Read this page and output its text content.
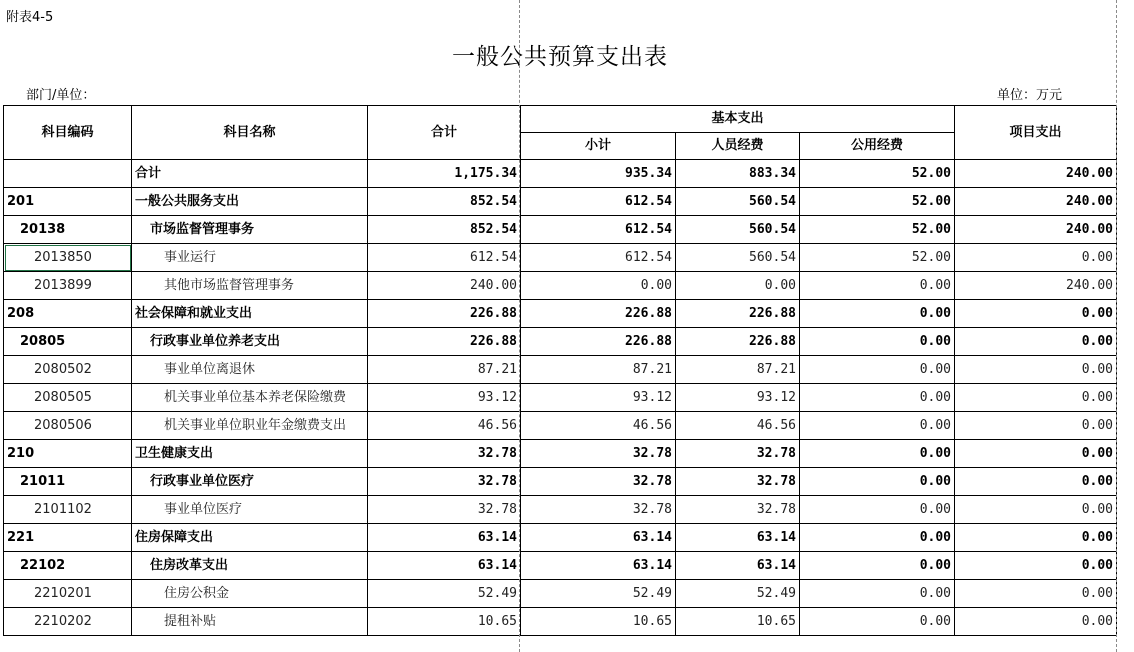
附表4-5
一般公共预算支出表
部门/单位：	单位：万元
科目编码	科目名称	合计	基本支出			项目支出
			小计	人员经费	公用经费	
	合计	1,175.34	935.34	883.34	52.00	240.00
201	一般公共服务支出	852.54	612.54	560.54	52.00	240.00
20138	市场监督管理事务	852.54	612.54	560.54	52.00	240.00
2013850	事业运行	612.54	612.54	560.54	52.00	0.00
2013899	其他市场监督管理事务	240.00	0.00	0.00	0.00	240.00
208	社会保障和就业支出	226.88	226.88	226.88	0.00	0.00
20805	行政事业单位养老支出	226.88	226.88	226.88	0.00	0.00
2080502	事业单位离退休	87.21	87.21	87.21	0.00	0.00
2080505	机关事业单位基本养老保险缴费	93.12	93.12	93.12	0.00	0.00
2080506	机关事业单位职业年金缴费支出	46.56	46.56	46.56	0.00	0.00
210	卫生健康支出	32.78	32.78	32.78	0.00	0.00
21011	行政事业单位医疗	32.78	32.78	32.78	0.00	0.00
2101102	事业单位医疗	32.78	32.78	32.78	0.00	0.00
221	住房保障支出	63.14	63.14	63.14	0.00	0.00
22102	住房改革支出	63.14	63.14	63.14	0.00	0.00
2210201	住房公积金	52.49	52.49	52.49	0.00	0.00
2210202	提租补贴	10.65	10.65	10.65	0.00	0.00
